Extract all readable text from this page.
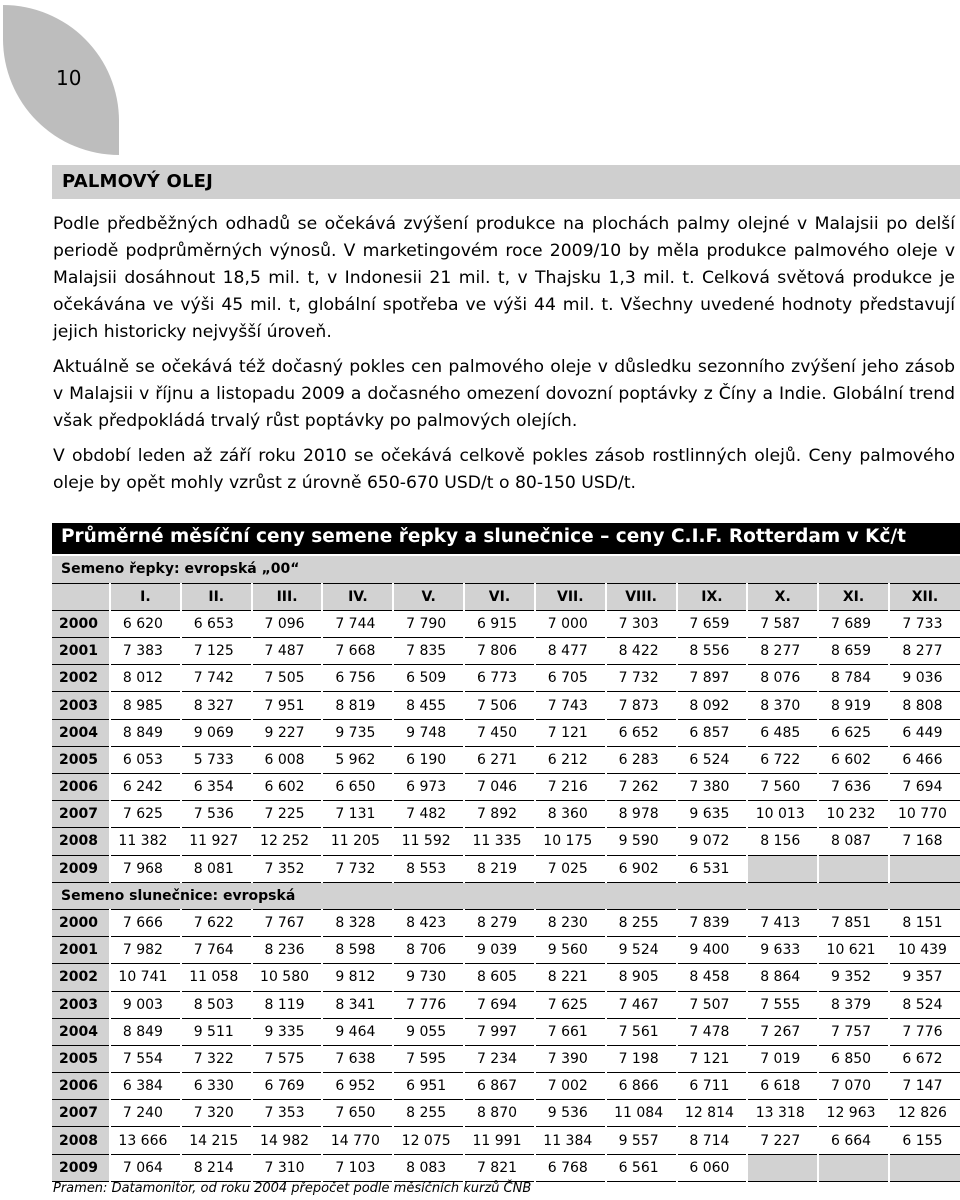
10
PALMOVÝ OLEJ

Podle předběžných odhadů se očekává zvýšení produkce na plochách palmy olejné v Malajsii po delší periodě podprůměrných výnosů. V marketingovém roce 2009/10 by měla produkce palmového oleje v Malajsii dosáhnout 18,5 mil. t, v Indonesii 21 mil. t, v Thajsku 1,3 mil. t. Celková světová produkce je očekávána ve výši 45 mil. t, globální spotřeba ve výši 44 mil. t. Všechny uvedené hodnoty představují jejich historicky nejvyšší úroveň.

Aktuálně se očekává též dočasný pokles cen palmového oleje v důsledku sezonního zvýšení jeho zásob v Malajsii v říjnu a listopadu 2009 a dočasného omezení dovozní poptávky z Číny a Indie. Globální trend však předpokládá trvalý růst poptávky po palmových olejích.

V období leden až září roku 2010 se očekává celkově pokles zásob rostlinných olejů. Ceny palmového oleje by opět mohly vzrůst z úrovně 650-670 USD/t o 80-150 USD/t.

Průměrné měsíční ceny semene řepky a slunečnice – ceny C.I.F. Rotterdam v Kč/t
Semeno řepky: evropská „00“												
	I.	II.	III.	IV.	V.	VI.	VII.	VIII.	IX.	X.	XI.	XII.
2000	6 620	6 653	7 096	7 744	7 790	6 915	7 000	7 303	7 659	7 587	7 689	7 733
2001	7 383	7 125	7 487	7 668	7 835	7 806	8 477	8 422	8 556	8 277	8 659	8 277
2002	8 012	7 742	7 505	6 756	6 509	6 773	6 705	7 732	7 897	8 076	8 784	9 036
2003	8 985	8 327	7 951	8 819	8 455	7 506	7 743	7 873	8 092	8 370	8 919	8 808
2004	8 849	9 069	9 227	9 735	9 748	7 450	7 121	6 652	6 857	6 485	6 625	6 449
2005	6 053	5 733	6 008	5 962	6 190	6 271	6 212	6 283	6 524	6 722	6 602	6 466
2006	6 242	6 354	6 602	6 650	6 973	7 046	7 216	7 262	7 380	7 560	7 636	7 694
2007	7 625	7 536	7 225	7 131	7 482	7 892	8 360	8 978	9 635	10 013	10 232	10 770
2008	11 382	11 927	12 252	11 205	11 592	11 335	10 175	9 590	9 072	8 156	8 087	7 168
2009	7 968	8 081	7 352	7 732	8 553	8 219	7 025	6 902	6 531			
Semeno slunečnice: evropská												
2000	7 666	7 622	7 767	8 328	8 423	8 279	8 230	8 255	7 839	7 413	7 851	8 151
2001	7 982	7 764	8 236	8 598	8 706	9 039	9 560	9 524	9 400	9 633	10 621	10 439
2002	10 741	11 058	10 580	9 812	9 730	8 605	8 221	8 905	8 458	8 864	9 352	9 357
2003	9 003	8 503	8 119	8 341	7 776	7 694	7 625	7 467	7 507	7 555	8 379	8 524
2004	8 849	9 511	9 335	9 464	9 055	7 997	7 661	7 561	7 478	7 267	7 757	7 776
2005	7 554	7 322	7 575	7 638	7 595	7 234	7 390	7 198	7 121	7 019	6 850	6 672
2006	6 384	6 330	6 769	6 952	6 951	6 867	7 002	6 866	6 711	6 618	7 070	7 147
2007	7 240	7 320	7 353	7 650	8 255	8 870	9 536	11 084	12 814	13 318	12 963	12 826
2008	13 666	14 215	14 982	14 770	12 075	11 991	11 384	9 557	8 714	7 227	6 664	6 155
2009	7 064	8 214	7 310	7 103	8 083	7 821	6 768	6 561	6 060			
Pramen: Datamonitor, od roku 2004 přepočet podle měsíčních kurzů ČNB
